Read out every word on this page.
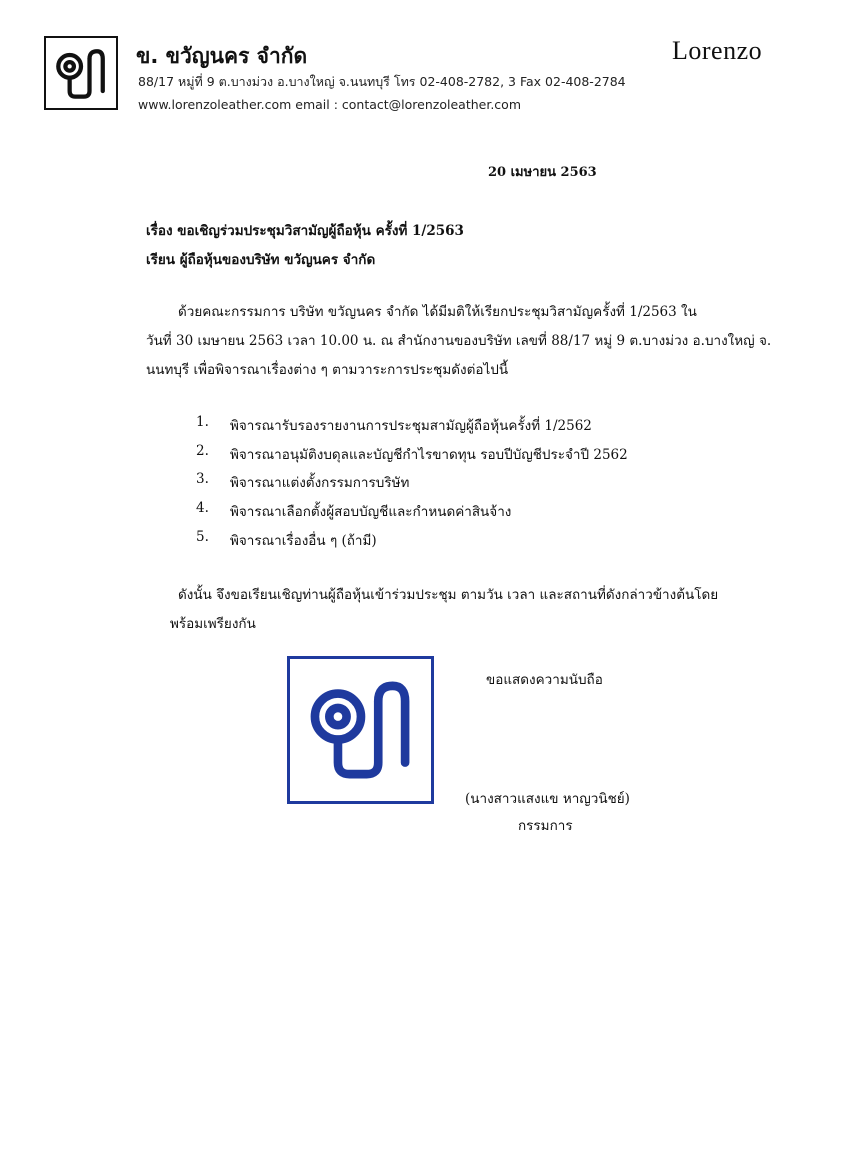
ข. ขวัญนคร จำกัด
88/17 หมู่ที่ 9 ต.บางม่วง อ.บางใหญ่ จ.นนทบุรี โทร 02-408-2782, 3 Fax 02-408-2784
www.lorenzoleather.com email : contact@lorenzoleather.com
Lorenzo
20 เมษายน 2563
เรื่อง ขอเชิญร่วมประชุมวิสามัญผู้ถือหุ้น ครั้งที่ 1/2563
เรียน ผู้ถือหุ้นของบริษัท ขวัญนคร จำกัด
ด้วยคณะกรรมการ บริษัท ขวัญนคร จำกัด ได้มีมติให้เรียกประชุมวิสามัญครั้งที่ 1/2563 ใน
วันที่ 30 เมษายน 2563 เวลา 10.00 น. ณ สำนักงานของบริษัท เลขที่ 88/17 หมู่ 9 ต.บางม่วง อ.บางใหญ่ จ.
นนทบุรี เพื่อพิจารณาเรื่องต่าง ๆ ตามวาระการประชุมดังต่อไปนี้
1. พิจารณารับรองรายงานการประชุมสามัญผู้ถือหุ้นครั้งที่ 1/2562
2. พิจารณาอนุมัติงบดุลและบัญชีกำไรขาดทุน รอบปีบัญชีประจำปี 2562
3. พิจารณาแต่งตั้งกรรมการบริษัท
4. พิจารณาเลือกตั้งผู้สอบบัญชีและกำหนดค่าสินจ้าง
5. พิจารณาเรื่องอื่น ๆ (ถ้ามี)
ดังนั้น จึงขอเรียนเชิญท่านผู้ถือหุ้นเข้าร่วมประชุม ตามวัน เวลา และสถานที่ดังกล่าวข้างต้นโดย
พร้อมเพรียงกัน
ขอแสดงความนับถือ
(นางสาวแสงแข หาญวนิชย์)
กรรมการ
